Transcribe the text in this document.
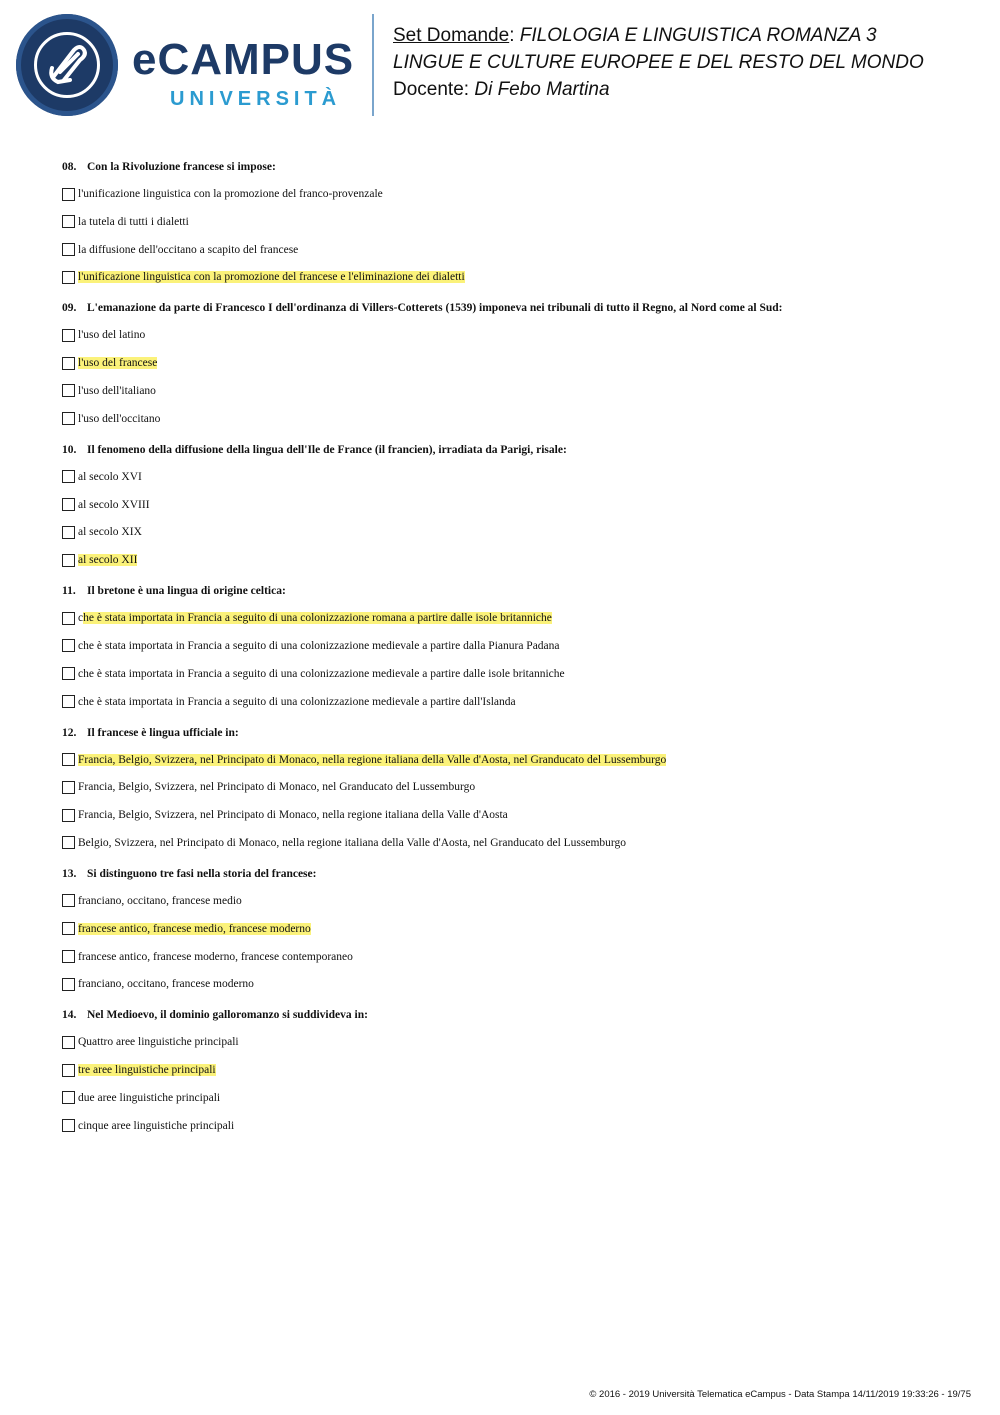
eCAMPUS
UNIVERSITÀ
Set Domande: FILOLOGIA E LINGUISTICA ROMANZA 3
LINGUE E CULTURE EUROPEE E DEL RESTO DEL MONDO
Docente: Di Febo Martina
08. Con la Rivoluzione francese si impose:
l'unificazione linguistica con la promozione del franco-provenzale
la tutela di tutti i dialetti
la diffusione dell'occitano a scapito del francese
l'unificazione linguistica con la promozione del francese e l'eliminazione dei dialetti
09. L'emanazione da parte di Francesco I dell'ordinanza di Villers-Cotterets (1539) imponeva nei tribunali di tutto il Regno, al Nord come al Sud:
l'uso del latino
l'uso del francese
l'uso dell'italiano
l'uso dell'occitano
10. Il fenomeno della diffusione della lingua dell'Ile de France (il francien), irradiata da Parigi, risale:
al secolo XVI
al secolo XVIII
al secolo XIX
al secolo XII
11. Il bretone è una lingua di origine celtica:
che è stata importata in Francia a seguito di una colonizzazione romana a partire dalle isole britanniche
che è stata importata in Francia a seguito di una colonizzazione medievale a partire dalla Pianura Padana
che è stata importata in Francia a seguito di una colonizzazione medievale a partire dalle isole britanniche
che è stata importata in Francia a seguito di una colonizzazione medievale a partire dall'Islanda
12. Il francese è lingua ufficiale in:
Francia, Belgio, Svizzera, nel Principato di Monaco, nella regione italiana della Valle d'Aosta, nel Granducato del Lussemburgo
Francia, Belgio, Svizzera, nel Principato di Monaco, nel Granducato del Lussemburgo
Francia, Belgio, Svizzera, nel Principato di Monaco, nella regione italiana della Valle d'Aosta
Belgio, Svizzera, nel Principato di Monaco, nella regione italiana della Valle d'Aosta, nel Granducato del Lussemburgo
13. Si distinguono tre fasi nella storia del francese:
franciano, occitano, francese medio
francese antico, francese medio, francese moderno
francese antico, francese moderno, francese contemporaneo
franciano, occitano, francese moderno
14. Nel Medioevo, il dominio galloromanzo si suddivideva in:
Quattro aree linguistiche principali
tre aree linguistiche principali
due aree linguistiche principali
cinque aree linguistiche principali
© 2016 - 2019 Università Telematica eCampus - Data Stampa 14/11/2019 19:33:26 - 19/75
